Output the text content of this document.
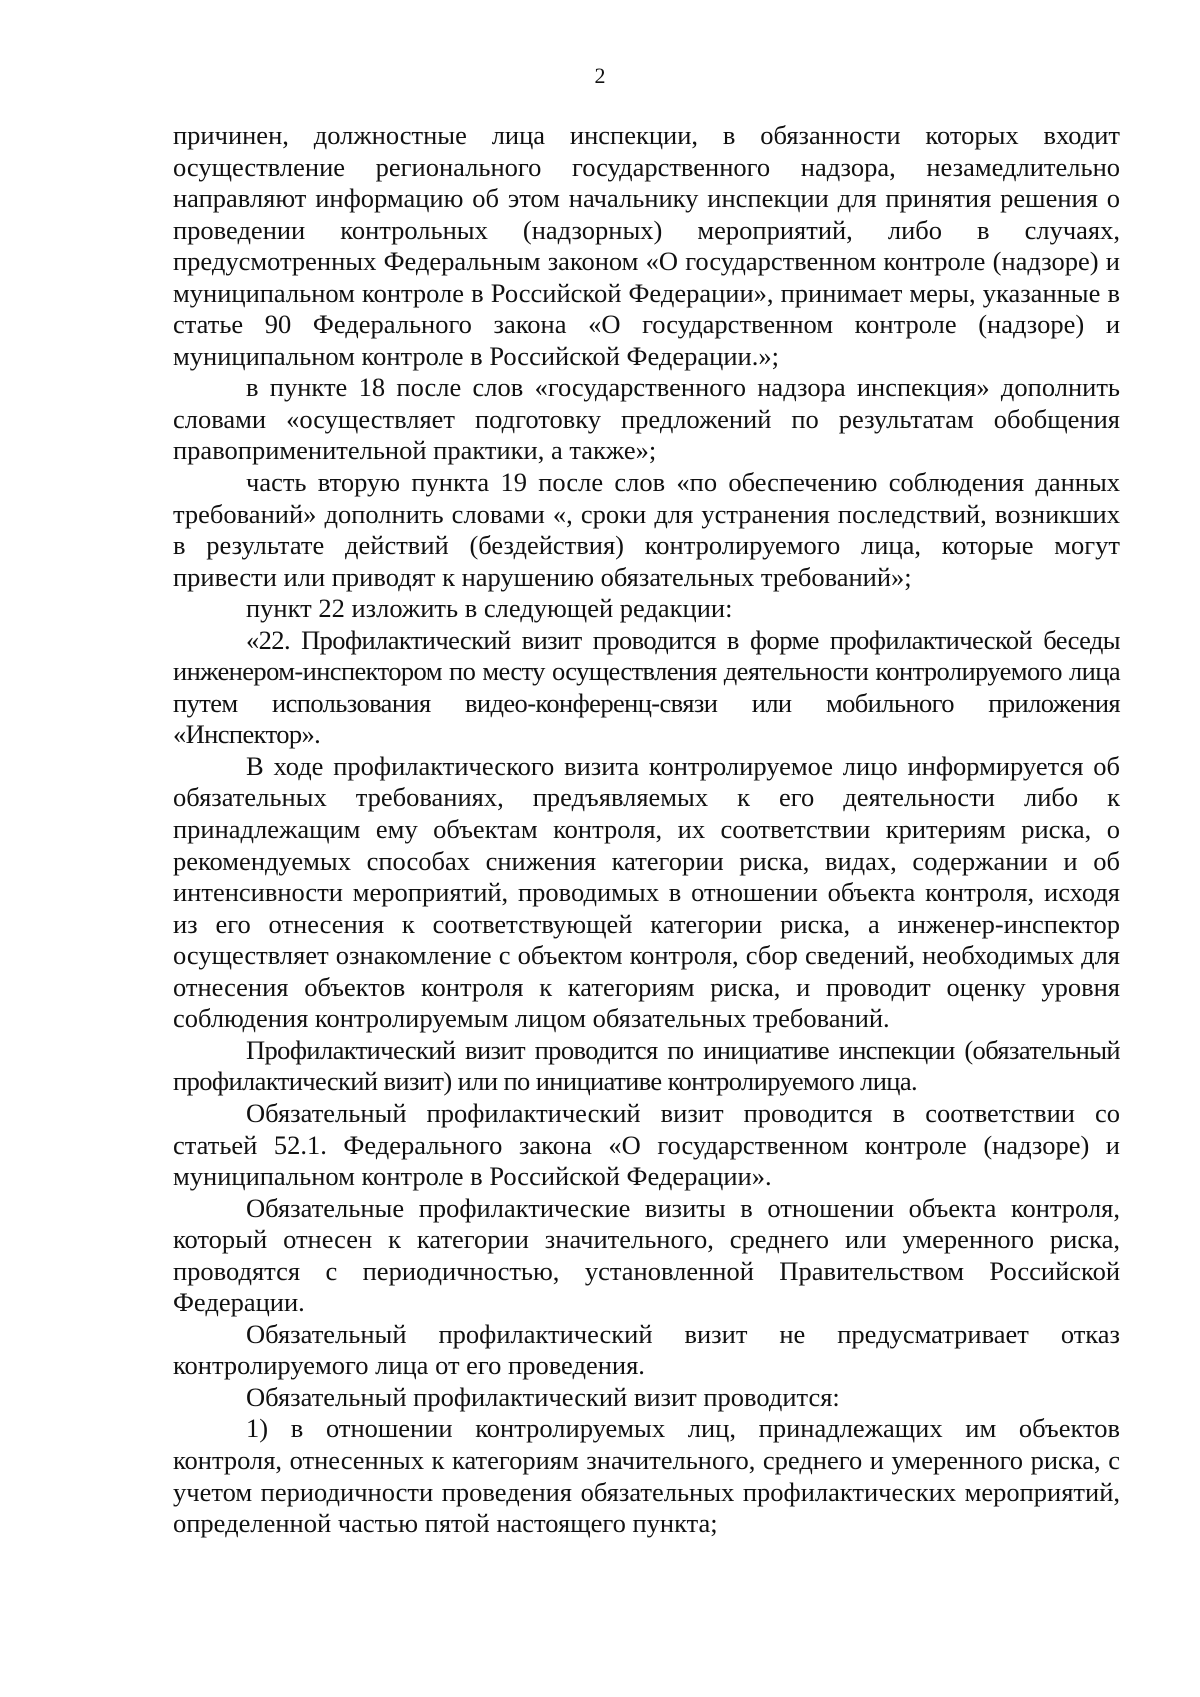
2

причинен, должностные лица инспекции, в обязанности которых входит осуществление регионального государственного надзора, незамедлительно направляют информацию об этом начальнику инспекции для принятия решения о проведении контрольных (надзорных) мероприятий, либо в случаях, предусмотренных Федеральным законом «О государственном контроле (надзоре) и муниципальном контроле в Российской Федерации», принимает меры, указанные в статье 90 Федерального закона «О государственном контроле (надзоре) и муниципальном контроле в Российской Федерации.»;

в пункте 18 после слов «государственного надзора инспекция» дополнить словами «осуществляет подготовку предложений по результатам обобщения правоприменительной практики, а также»;

часть вторую пункта 19 после слов «по обеспечению соблюдения данных требований» дополнить словами «, сроки для устранения последствий, возникших в результате действий (бездействия) контролируемого лица, которые могут привести или приводят к нарушению обязательных требований»;

пункт 22 изложить в следующей редакции:

«22. Профилактический визит проводится в форме профилактической беседы инженером-инспектором по месту осуществления деятельности контролируемого лица путем использования видео-конференц-связи или мобильного приложения «Инспектор».

В ходе профилактического визита контролируемое лицо информируется об обязательных требованиях, предъявляемых к его деятельности либо к принадлежащим ему объектам контроля, их соответствии критериям риска, о рекомендуемых способах снижения категории риска, видах, содержании и об интенсивности мероприятий, проводимых в отношении объекта контроля, исходя из его отнесения к соответствующей категории риска, а инженер-инспектор осуществляет ознакомление с объектом контроля, сбор сведений, необходимых для отнесения объектов контроля к категориям риска, и проводит оценку уровня соблюдения контролируемым лицом обязательных требований.

Профилактический визит проводится по инициативе инспекции (обязательный профилактический визит) или по инициативе контролируемого лица.

Обязательный профилактический визит проводится в соответствии со статьей 52.1. Федерального закона «О государственном контроле (надзоре) и муниципальном контроле в Российской Федерации».

Обязательные профилактические визиты в отношении объекта контроля, который отнесен к категории значительного, среднего или умеренного риска, проводятся с периодичностью, установленной Правительством Российской Федерации.

Обязательный профилактический визит не предусматривает отказ контролируемого лица от его проведения.

Обязательный профилактический визит проводится:

1) в отношении контролируемых лиц, принадлежащих им объектов контроля, отнесенных к категориям значительного, среднего и умеренного риска, с учетом периодичности проведения обязательных профилактических мероприятий, определенной частью пятой настоящего пункта;
